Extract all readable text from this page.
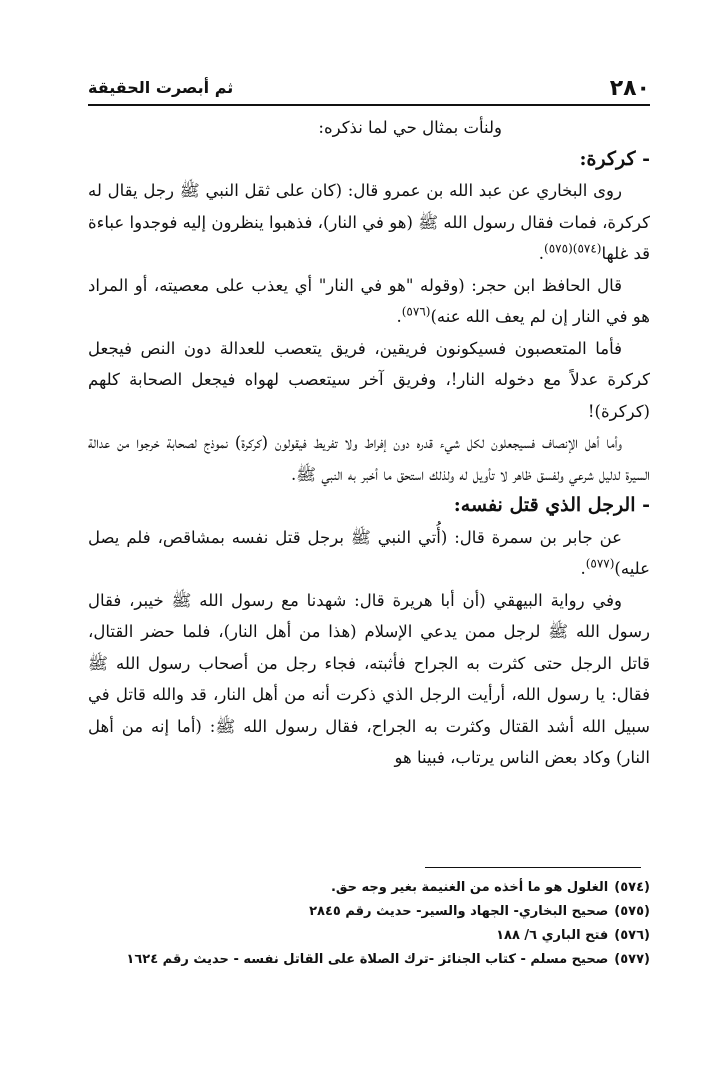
٢٨٠
ثم أبصرت الحقيقة

ولنأت بمثال حي لما نذكره:

- كركرة:

روى البخاري عن عبد الله بن عمرو قال: (كان على ثقل النبي ﷺ رجل يقال له كركرة، فمات فقال رسول الله ﷺ (هو في النار)، فذهبوا ينظرون إليه فوجدوا عباءة قد غلها$^{(٥٧٤)(٥٧٥)}$.

قال الحافظ ابن حجر: (وقوله "هو في النار" أي يعذب على معصيته، أو المراد هو في النار إن لم يعف الله عنه)$^{(٥٧٦)}$.

فأما المتعصبون فسيكونون فريقين، فريق يتعصب للعدالة دون النص فيجعل كركرة عدلاً مع دخوله النار!، وفريق آخر سيتعصب لهواه فيجعل الصحابة كلهم (كركرة)!

وأما أهل الإنصاف فسيجعلون لكل شيء قدره دون إفراط ولا تفريط فيقولون (كركرة) نموذج لصحابة خرجوا من عدالة السيرة لدليل شرعي ولفسق ظاهر لا تأويل له ولذلك استحق ما أخبر به النبي ﷺ.

- الرجل الذي قتل نفسه:

عن جابر بن سمرة قال: (أُتي النبي ﷺ برجل قتل نفسه بمشاقص، فلم يصل عليه)$^{(٥٧٧)}$.

وفي رواية البيهقي (أن أبا هريرة قال: شهدنا مع رسول الله ﷺ خيبر، فقال رسول الله ﷺ لرجل ممن يدعي الإسلام (هذا من أهل النار)، فلما حضر القتال، قاتل الرجل حتى كثرت به الجراح فأثبته، فجاء رجل من أصحاب رسول الله ﷺ فقال: يا رسول الله، أرأيت الرجل الذي ذكرت أنه من أهل النار، قد والله قاتل في سبيل الله أشد القتال وكثرت به الجراح، فقال رسول الله ﷺ: (أما إنه من أهل النار) وكاد بعض الناس يرتاب، فبينا هو

(٥٧٤)الغلول هو ما أخذه من الغنيمة بغير وجه حق.
(٥٧٥)صحيح البخاري- الجهاد والسير- حديث رقم ٢٨٤٥
(٥٧٦)فتح الباري ٦/ ١٨٨
(٥٧٧)صحيح مسلم - كتاب الجنائز -ترك الصلاة على القاتل نفسه - حديث رقم ١٦٢٤
